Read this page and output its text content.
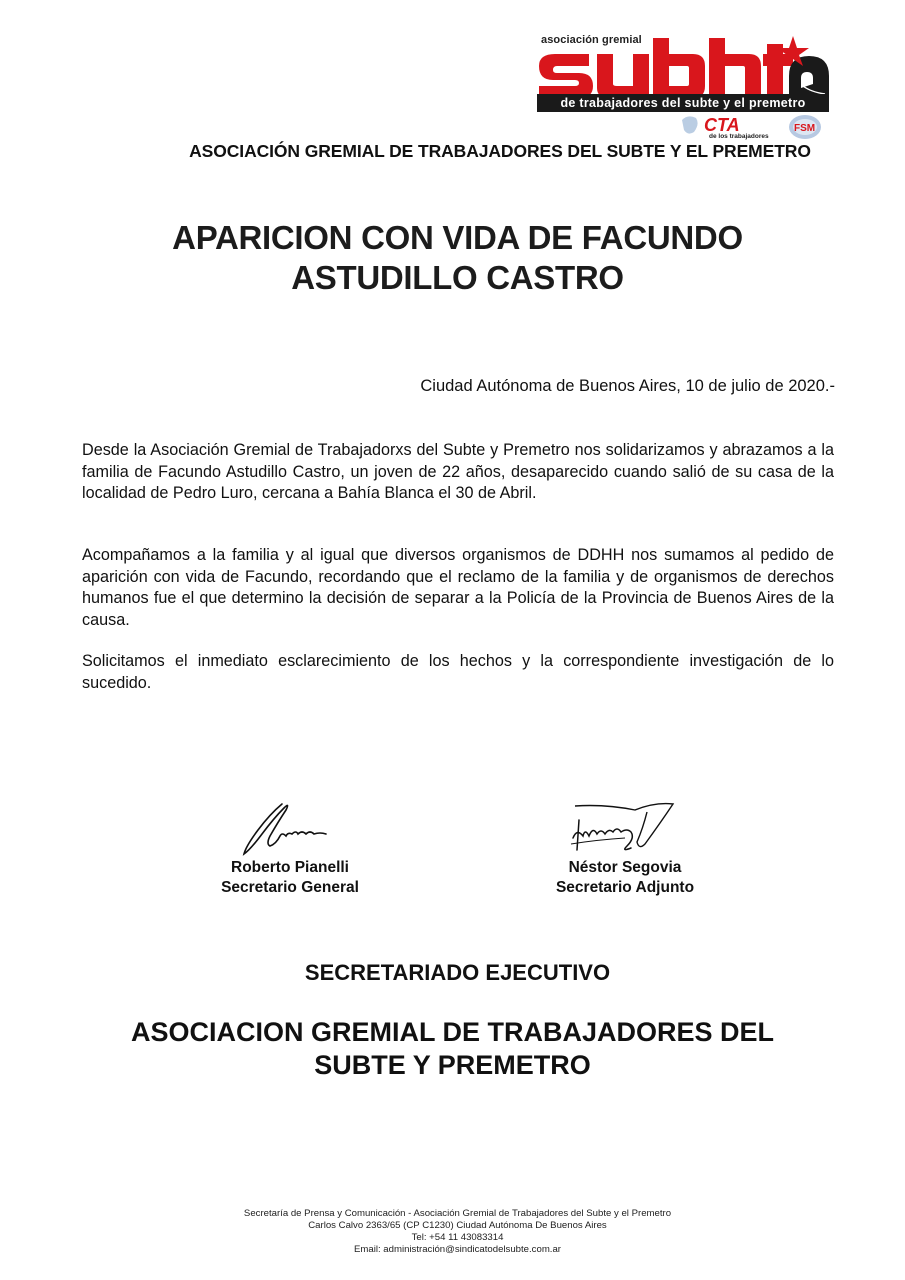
asociación gremial
de trabajadores del subte y el premetro
CTA
de los trabajadores
FSM
ASOCIACIÓN GREMIAL DE TRABAJADORES DEL SUBTE Y EL PREMETRO
APARICION CON VIDA DE FACUNDO
ASTUDILLO CASTRO
Ciudad Autónoma de Buenos Aires, 10 de julio de 2020.-

Desde la Asociación Gremial de Trabajadorxs del Subte y Premetro nos solidarizamos y abrazamos a la familia de Facundo Astudillo Castro, un joven de 22 años, desaparecido cuando salió de su casa de la localidad de Pedro Luro, cercana a Bahía Blanca el 30 de Abril.

Acompañamos a la familia y al igual que diversos organismos de DDHH nos sumamos al pedido de aparición con vida de Facundo, recordando que el reclamo de la familia y de organismos de derechos humanos fue el que determino la decisión de separar a la Policía de la Provincia de Buenos Aires de la causa.

Solicitamos el inmediato esclarecimiento de los hechos y la correspondiente investigación de lo sucedido.

Roberto Pianelli
Secretario General
Néstor Segovia
Secretario Adjunto
SECRETARIADO EJECUTIVO
ASOCIACION GREMIAL DE TRABAJADORES DEL
SUBTE Y PREMETRO
Secretaría de Prensa y Comunicación - Asociación Gremial de Trabajadores del Subte y el Premetro
Carlos Calvo 2363/65 (CP C1230) Ciudad Autónoma De Buenos Aires
Tel: +54 11 43083314
Email: administración@sindicatodelsubte.com.ar
